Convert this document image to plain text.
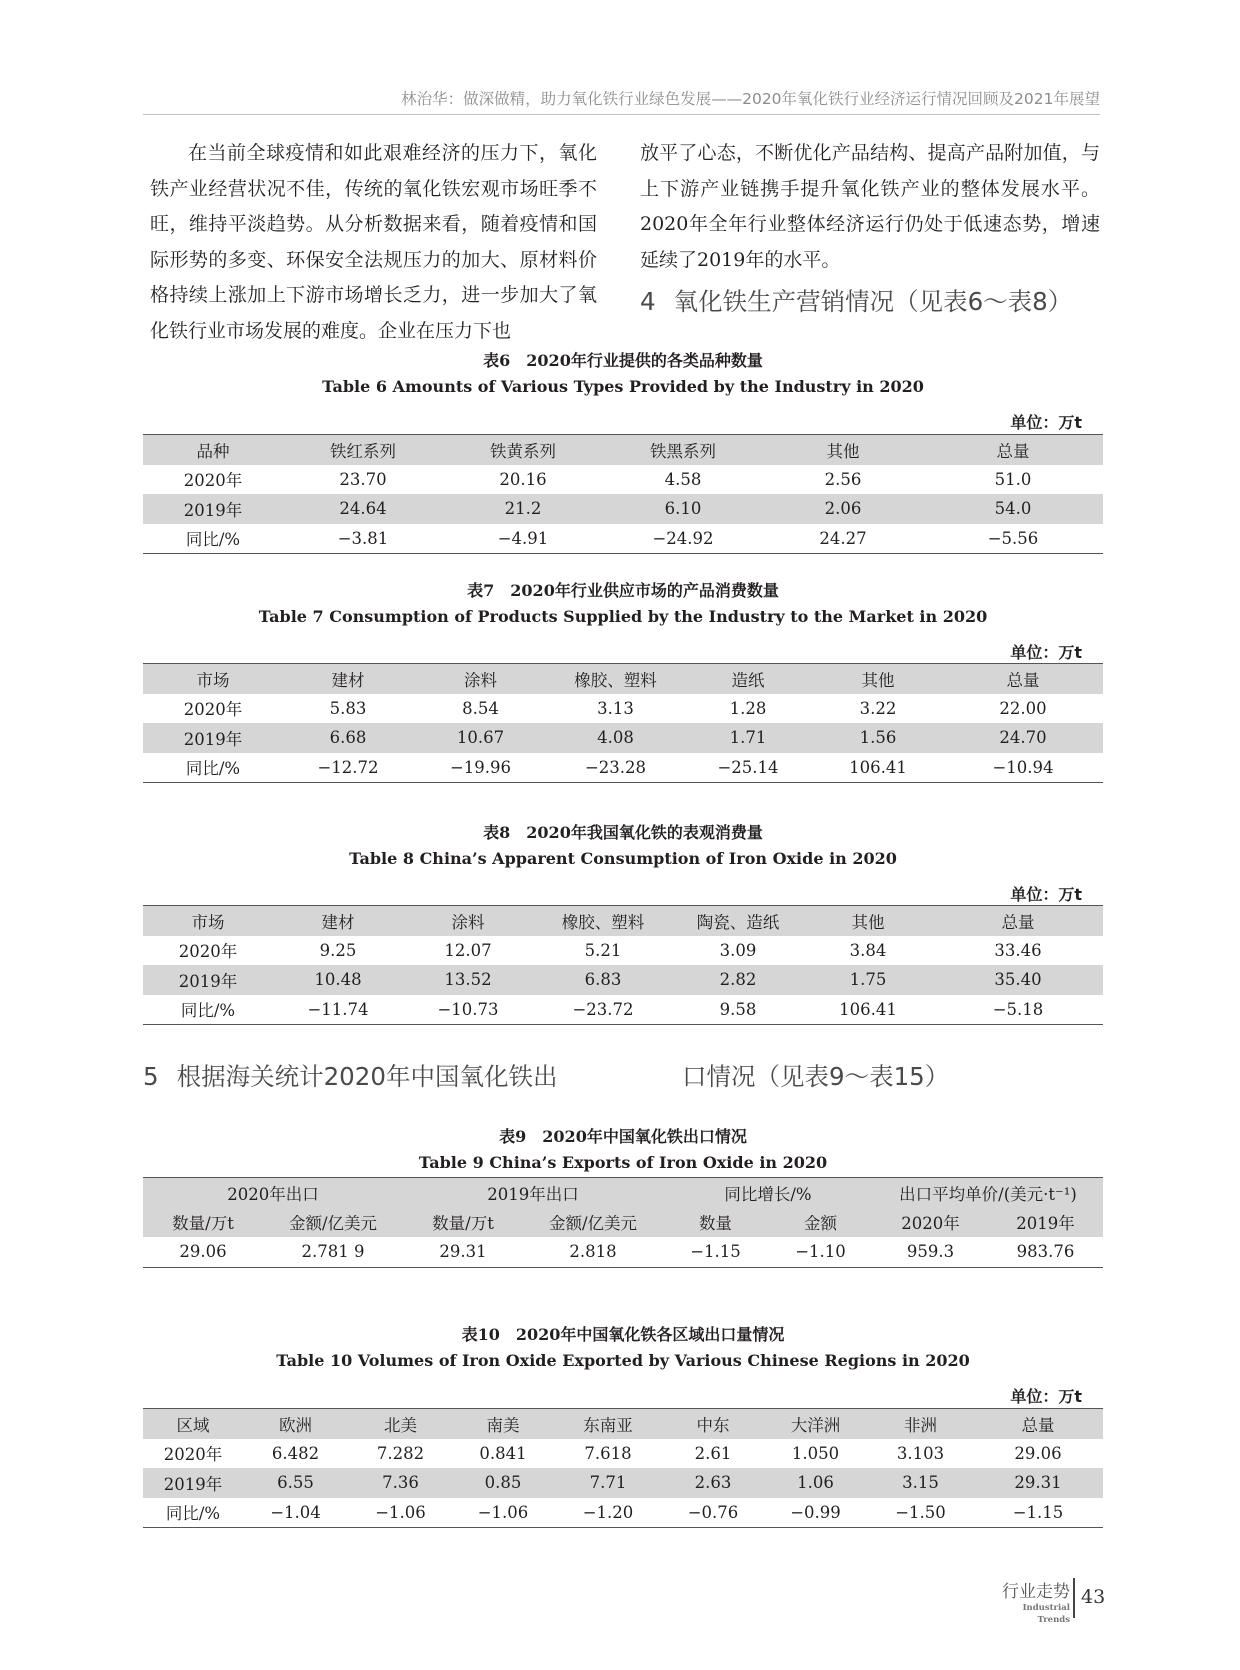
林治华：做深做精，助力氧化铁行业绿色发展——2020年氧化铁行业经济运行情况回顾及2021年展望
在当前全球疫情和如此艰难经济的压力下，氧化铁产业经营状况不佳，传统的氧化铁宏观市场旺季不旺，维持平淡趋势。从分析数据来看，随着疫情和国际形势的多变、环保安全法规压力的加大、原材料价格持续上涨加上下游市场增长乏力，进一步加大了氧化铁行业市场发展的难度。企业在压力下也
放平了心态，不断优化产品结构、提高产品附加值，与上下游产业链携手提升氧化铁产业的整体发展水平。2020年全年行业整体经济运行仍处于低速态势，增速延续了2019年的水平。
4 氧化铁生产营销情况（见表6～表8）
表6　2020年行业提供的各类品种数量
Table 6 Amounts of Various Types Provided by the Industry in 2020
单位：万t
品种	铁红系列	铁黄系列	铁黑系列	其他	总量
2020年	23.70	20.16	4.58	2.56	51.0
2019年	24.64	21.2	6.10	2.06	54.0
同比/%	−3.81	−4.91	−24.92	24.27	−5.56
表7　2020年行业供应市场的产品消费数量
Table 7 Consumption of Products Supplied by the Industry to the Market in 2020
单位：万t
市场	建材	涂料	橡胶、塑料	造纸	其他	总量
2020年	5.83	8.54	3.13	1.28	3.22	22.00
2019年	6.68	10.67	4.08	1.71	1.56	24.70
同比/%	−12.72	−19.96	−23.28	−25.14	106.41	−10.94
表8　2020年我国氧化铁的表观消费量
Table 8 China’s Apparent Consumption of Iron Oxide in 2020
单位：万t
市场	建材	涂料	橡胶、塑料	陶瓷、造纸	其他	总量
2020年	9.25	12.07	5.21	3.09	3.84	33.46
2019年	10.48	13.52	6.83	2.82	1.75	35.40
同比/%	−11.74	−10.73	−23.72	9.58	106.41	−5.18
5 根据海关统计2020年中国氧化铁出	口情况（见表9～表15）
表9　2020年中国氧化铁出口情况
Table 9 China’s Exports of Iron Oxide in 2020
2020年出口		2019年出口		同比增长/%		出口平均单价/(美元·t⁻¹)	
数量/万t	金额/亿美元	数量/万t	金额/亿美元	数量	金额	2020年	2019年
29.06	2.781 9	29.31	2.818	−1.15	−1.10	959.3	983.76
表10　2020年中国氧化铁各区域出口量情况
Table 10 Volumes of Iron Oxide Exported by Various Chinese Regions in 2020
单位：万t
区域	欧洲	北美	南美	东南亚	中东	大洋洲	非洲	总量
2020年	6.482	7.282	0.841	7.618	2.61	1.050	3.103	29.06
2019年	6.55	7.36	0.85	7.71	2.63	1.06	3.15	29.31
同比/%	−1.04	−1.06	−1.06	−1.20	−0.76	−0.99	−1.50	−1.15
行业走势
Industrial Trends
43
